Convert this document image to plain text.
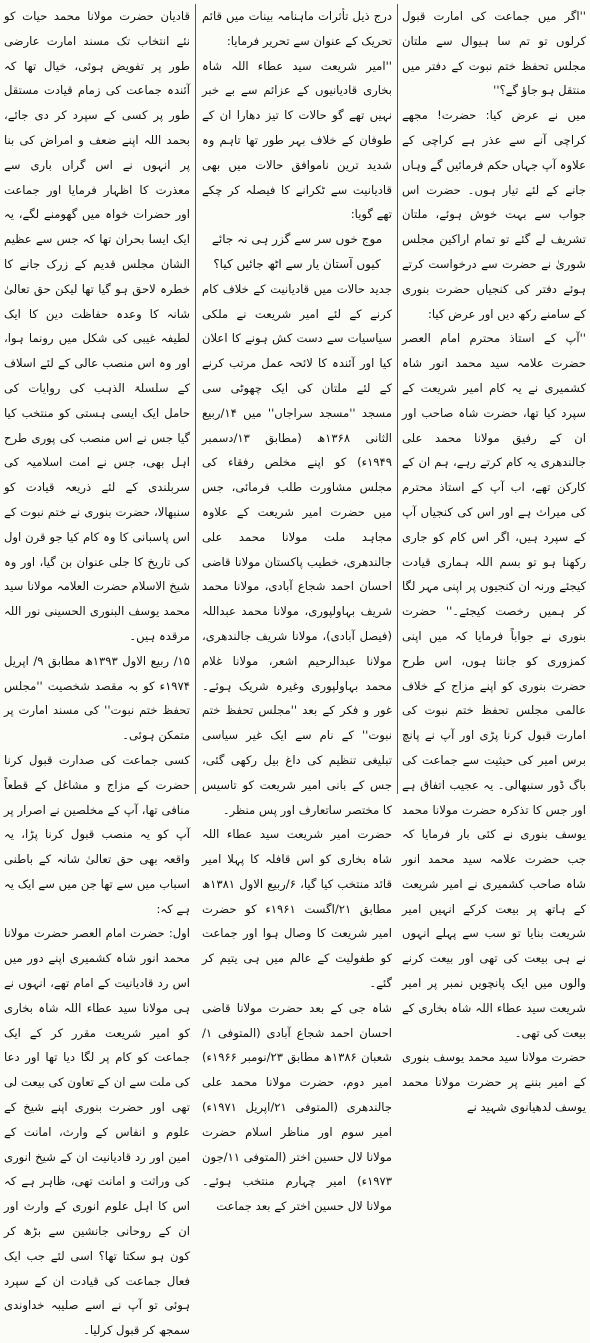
''اگر میں جماعت کی امارت قبول کرلوں تو تم سا ہیوال سے ملتان مجلس تحفظ ختم نبوت کے دفتر میں منتقل ہو جاؤ گے؟''

میں نے عرض کیا: حضرت! مجھے کراچی آنے سے عذر ہے کراچی کے علاوہ آپ جہاں حکم فرمائیں گے وہاں جانے کے لئے تیار ہوں۔ حضرت اس جواب سے بہت خوش ہوئے، ملتان تشریف لے گئے تو تمام اراکین مجلس شوریٰ نے حضرت سے درخواست کرتے ہوئے دفتر کی کنجیاں حضرت بنوری کے سامنے رکھ دیں اور عرض کیا:

''آپ کے استاذ محترم امام العصر حضرت علامہ سید محمد انور شاہ کشمیری نے یہ کام امیر شریعت کے سپرد کیا تھا، حضرت شاہ صاحب اور ان کے رفیق مولانا محمد علی جالندھری یہ کام کرتے رہے، ہم ان کے کارکن تھے، اب آپ کے استاذ محترم کی میراث ہے اور اس کی کنجیاں آپ کے سپرد ہیں، اگر اس کام کو جاری رکھنا ہو تو بسم اللہ ہماری قیادت کیجئے ورنہ ان کنجیوں پر اپنی مہر لگا کر ہمیں رخصت کیجئے۔'' حضرت بنوری نے جواباً فرمایا کہ میں اپنی کمزوری کو جانتا ہوں، اس طرح حضرت بنوری کو اپنے مزاج کے خلاف عالمی مجلس تحفظ ختم نبوت کی امارت قبول کرنا پڑی اور آپ نے پانچ برس امیر کی حیثیت سے جماعت کی باگ ڈور سنبھالی۔ یہ عجیب اتفاق ہے اور جس کا تذکرہ حضرت مولانا محمد یوسف بنوری نے کئی بار فرمایا کہ جب حضرت علامہ سید محمد انور شاہ صاحب کشمیری نے امیر شریعت کے ہاتھ پر بیعت کرکے انہیں امیر شریعت بنایا تو سب سے پہلے انہوں نے ہی بیعت کی تھی اور بیعت کرنے والوں میں ایک پانچویں نمبر پر امیر شریعت سید عطاء اللہ شاہ بخاری کے بیعت کی تھی۔

حضرت مولانا سید محمد یوسف بنوری کے امیر بننے پر حضرت مولانا محمد یوسف لدھیانوی شہید نے

درج ذیل تأثرات ماہنامہ بینات میں قائم تحریک کے عنوان سے تحریر فرمایا:

''امیر شریعت سید عطاء اللہ شاہ بخاری قادیانیوں کے عزائم سے بے خبر نہیں تھے گو حالات کا تیز دھارا ان کے طوفان کے خلاف بہر طور تھا تاہم وہ شدید ترین ناموافق حالات میں بھی قادیانیت سے ٹکرانے کا فیصلہ کر چکے تھے گویا:

موج خوں سر سے گزر ہی نہ جائے کیوں آستان یار سے اٹھ جائیں کیا؟

جدید حالات میں قادیانیت کے خلاف کام کرنے کے لئے امیر شریعت نے ملکی سیاسیات سے دست کش ہونے کا اعلان کیا اور آئندہ کا لائحہ عمل مرتب کرنے کے لئے ملتان کی ایک چھوٹی سی مسجد ''مسجد سراجاں'' میں ۱۴/ربیع الثانی ۱۳۶۸ھ (مطابق ۱۳/دسمبر ۱۹۴۹ء) کو اپنے مخلص رفقاء کی مجلس مشاورت طلب فرمائی، جس میں حضرت امیر شریعت کے علاوہ مجاہد ملت مولانا محمد علی جالندھری، خطیب پاکستان مولانا قاضی احسان احمد شجاع آبادی، مولانا محمد شریف بہاولپوری، مولانا محمد عبداللہ (فیصل آبادی)، مولانا شریف جالندھری، مولانا عبدالرحیم اشعر، مولانا غلام محمد بہاولپوری وغیرہ شریک ہوئے۔ غور و فکر کے بعد ''مجلس تحفظ ختم نبوت'' کے نام سے ایک غیر سیاسی تبلیغی تنظیم کی داغ بیل رکھی گئی، جس کے بانی امیر شریعت کو تاسیس کا مختصر ساتعارف اور پس منظر۔

حضرت امیر شریعت سید عطاء اللہ شاہ بخاری کو اس قافلہ کا پہلا امیر قائد منتخب کیا گیا، ۶/ربیع الاول ۱۳۸۱ھ مطابق ۲۱/اگست ۱۹۶۱ء کو حضرت امیر شریعت کا وصال ہوا اور جماعت کو طفولیت کے عالم میں ہی یتیم کر گئے۔

شاہ جی کے بعد حضرت مولانا قاضی احسان احمد شجاع آبادی (المتوفی ۱/شعبان ۱۳۸۶ھ مطابق ۲۳/نومبر ۱۹۶۶ء) امیر دوم، حضرت مولانا محمد علی جالندھری (المتوفی ۲۱/اپریل ۱۹۷۱ء) امیر سوم اور مناظر اسلام حضرت مولانا لال حسین اختر (المتوفی ۱۱/جون ۱۹۷۳ء) امیر چہارم منتخب ہوئے۔ مولانا لال حسین اختر کے بعد جماعت

قادیان حضرت مولانا محمد حیات کو نئے انتخاب تک مسند امارت عارضی طور پر تفویض ہوئی، خیال تھا کہ آئندہ جماعت کی زمام قیادت مستقل طور پر کسی کے سپرد کر دی جائے، بحمد اللہ اپنے ضعف و امراض کی بنا پر انہوں نے اس گراں باری سے معذرت کا اظہار فرمایا اور جماعت اور حضرات خواہ میں گھومنے لگے، یہ ایک ایسا بحران تھا کہ جس سے عظیم الشان مجلس قدیم کے زرک جانے کا خطرہ لاحق ہو گیا تھا لیکن حق تعالیٰ شانہ کا وعدہ حفاظت دین کا ایک لطیفہ غیبی کی شکل میں رونما ہوا، اور وہ اس منصب عالی کے لئے اسلاف کے سلسلۃ الذہب کی روایات کی حامل ایک ایسی ہستی کو منتخب کیا گیا جس نے اس منصب کی پوری طرح اہل بھی، جس نے امت اسلامیہ کی سربلندی کے لئے ذریعہ قیادت کو سنبھالا، حضرت بنوری نے ختم نبوت کے اس پاسبانی کا وہ کام کیا جو قرن اول کی تاریخ کا جلی عنوان بن گیا، اور وہ شیخ الاسلام حضرت العلامہ مولانا سید محمد یوسف البنوری الحسینی نور اللہ مرقدہ ہیں۔

۱۵/ ربیع الاول ۱۳۹۳ھ مطابق ۹/ اپریل ۱۹۷۴ء کو بہ مقصد شخصیت ''مجلس تحفظ ختم نبوت'' کی مسند امارت پر متمکن ہوئی۔

کسی جماعت کی صدارت قبول کرنا حضرت کے مزاج و مشاغل کے قطعاً منافی تھا، آپ کے مخلصین نے اصرار پر آپ کو یہ منصب قبول کرنا پڑا، یہ واقعہ بھی حق تعالیٰ شانہ کے باطنی اسباب میں سے تھا جن میں سے ایک یہ ہے کہ:

اول: حضرت امام العصر حضرت مولانا محمد انور شاہ کشمیری اپنے دور میں اس رد قادیانیت کے امام تھے، انہوں نے ہی مولانا سید عطاء اللہ شاہ بخاری کو امیر شریعت مقرر کر کے ایک جماعت کو کام پر لگا دیا تھا اور دعا کی ملت سے ان کے تعاون کی بیعت لی تھی اور حضرت بنوری اپنے شیخ کے علوم و انفاس کے وارث، امانت کے امین اور رد قادیانیت ان کے شیخ انوری کی وراثت و امانت تھی، ظاہر ہے کہ اس کا اہل علوم انوری کے وارث اور ان کے روحانی جانشین سے بڑھ کر کون ہو سکتا تھا؟ اسی لئے جب ایک فعال جماعت کی قیادت ان کے سپرد ہوئی تو آپ نے اسے صلیبہ خداوندی سمجھ کر قبول کرلیا۔
